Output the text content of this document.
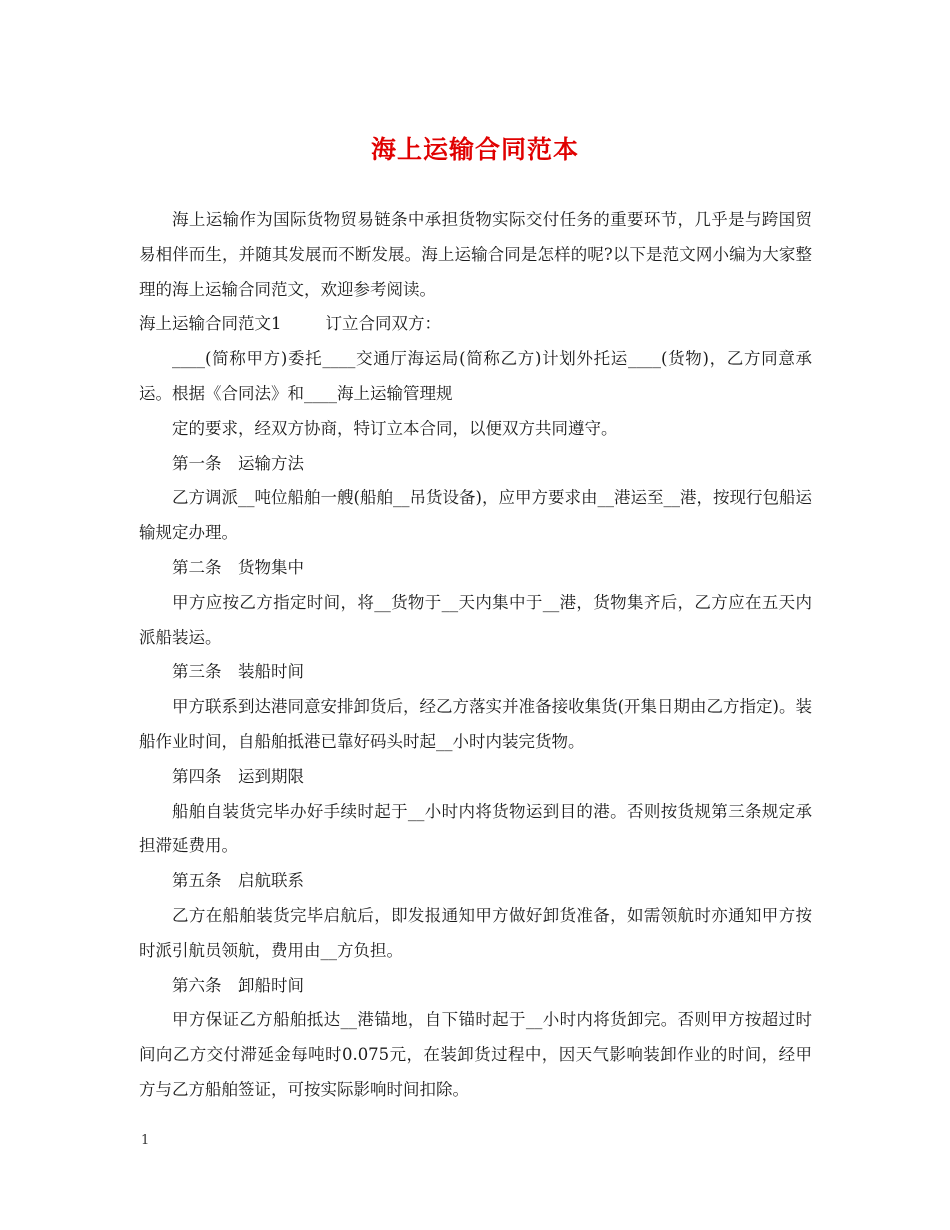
海上运输合同范本

海上运输作为国际货物贸易链条中承担货物实际交付任务的重要环节，几乎是与跨国贸易相伴而生，并随其发展而不断发展。海上运输合同是怎样的呢?以下是范文网小编为大家整理的海上运输合同范文，欢迎参考阅读。

海上运输合同范文1	订立合同双方：

____(简称甲方)委托____交通厅海运局(简称乙方)计划外托运____(货物)，乙方同意承运。根据《合同法》和____海上运输管理规

定的要求，经双方协商，特订立本合同，以便双方共同遵守。

第一条　运输方法

乙方调派__吨位船舶一艘(船舶__吊货设备)，应甲方要求由__港运至__港，按现行包船运输规定办理。

第二条　货物集中

甲方应按乙方指定时间，将__货物于__天内集中于__港，货物集齐后，乙方应在五天内派船装运。

第三条　装船时间

甲方联系到达港同意安排卸货后，经乙方落实并准备接收集货(开集日期由乙方指定)。装船作业时间，自船舶抵港已靠好码头时起__小时内装完货物。

第四条　运到期限

船舶自装货完毕办好手续时起于__小时内将货物运到目的港。否则按货规第三条规定承担滞延费用。

第五条　启航联系

乙方在船舶装货完毕启航后，即发报通知甲方做好卸货准备，如需领航时亦通知甲方按时派引航员领航，费用由__方负担。

第六条　卸船时间

甲方保证乙方船舶抵达__港锚地，自下锚时起于__小时内将货卸完。否则甲方按超过时间向乙方交付滞延金每吨时0.075元，在装卸货过程中，因天气影响装卸作业的时间，经甲方与乙方船舶签证，可按实际影响时间扣除。

1
